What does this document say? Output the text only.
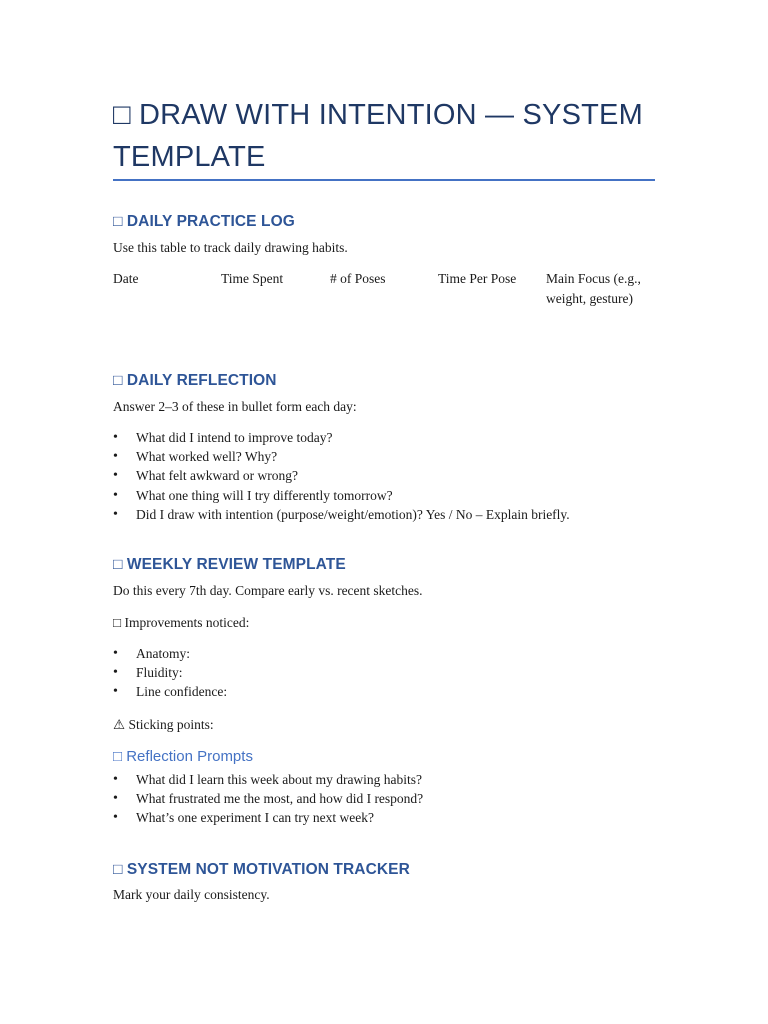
□ DRAW WITH INTENTION — SYSTEM TEMPLATE
□ DAILY PRACTICE LOG
Use this table to track daily drawing habits.
Date	Time Spent	# of Poses	Time Per Pose	Main Focus (e.g., weight, gesture)
□ DAILY REFLECTION
Answer 2–3 of these in bullet form each day:
• What did I intend to improve today?
• What worked well? Why?
• What felt awkward or wrong?
• What one thing will I try differently tomorrow?
• Did I draw with intention (purpose/weight/emotion)? Yes / No – Explain briefly.
□ WEEKLY REVIEW TEMPLATE
Do this every 7th day. Compare early vs. recent sketches.
□ Improvements noticed:
• Anatomy:
• Fluidity:
• Line confidence:
⚠ Sticking points:
□ Reflection Prompts
• What did I learn this week about my drawing habits?
• What frustrated me the most, and how did I respond?
• What’s one experiment I can try next week?
□ SYSTEM NOT MOTIVATION TRACKER
Mark your daily consistency.
